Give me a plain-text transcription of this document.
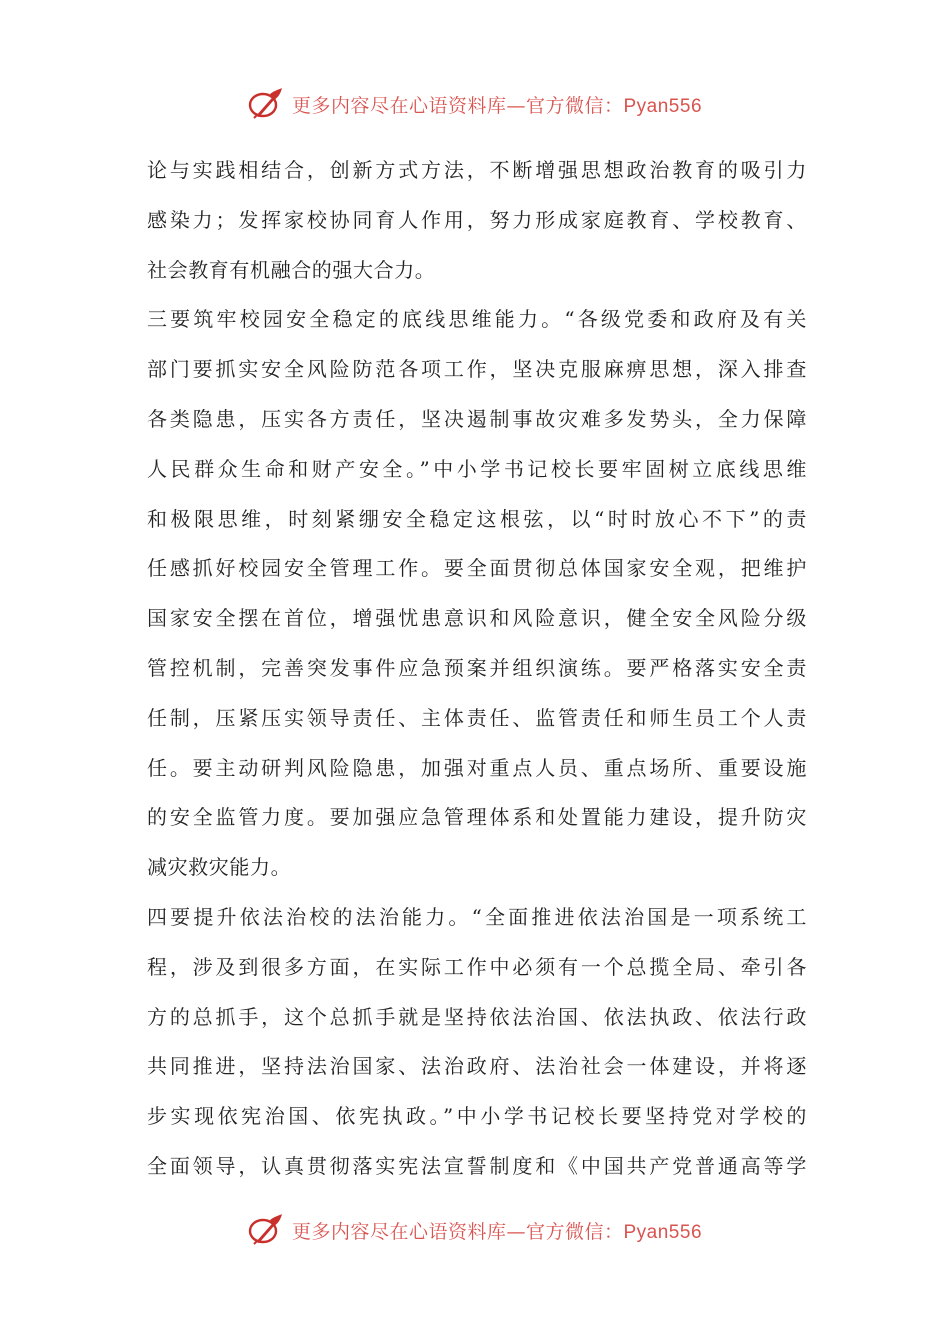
更多内容尽在心语资料库—官方微信：Pyan556
论与实践相结合，创新方式方法，不断增强思想政治教育的吸引力
感染力；发挥家校协同育人作用，努力形成家庭教育、学校教育、
社会教育有机融合的强大合力。
三要筑牢校园安全稳定的底线思维能力。“各级党委和政府及有关
部门要抓实安全风险防范各项工作，坚决克服麻痹思想，深入排查
各类隐患，压实各方责任，坚决遏制事故灾难多发势头，全力保障
人民群众生命和财产安全。”中小学书记校长要牢固树立底线思维
和极限思维，时刻紧绷安全稳定这根弦，以“时时放心不下”的责
任感抓好校园安全管理工作。要全面贯彻总体国家安全观，把维护
国家安全摆在首位，增强忧患意识和风险意识，健全安全风险分级
管控机制，完善突发事件应急预案并组织演练。要严格落实安全责
任制，压紧压实领导责任、主体责任、监管责任和师生员工个人责
任。要主动研判风险隐患，加强对重点人员、重点场所、重要设施
的安全监管力度。要加强应急管理体系和处置能力建设，提升防灾
减灾救灾能力。
四要提升依法治校的法治能力。“全面推进依法治国是一项系统工
程，涉及到很多方面，在实际工作中必须有一个总揽全局、牵引各
方的总抓手，这个总抓手就是坚持依法治国、依法执政、依法行政
共同推进，坚持法治国家、法治政府、法治社会一体建设，并将逐
步实现依宪治国、依宪执政。”中小学书记校长要坚持党对学校的
全面领导，认真贯彻落实宪法宣誓制度和《中国共产党普通高等学
更多内容尽在心语资料库—官方微信：Pyan556
